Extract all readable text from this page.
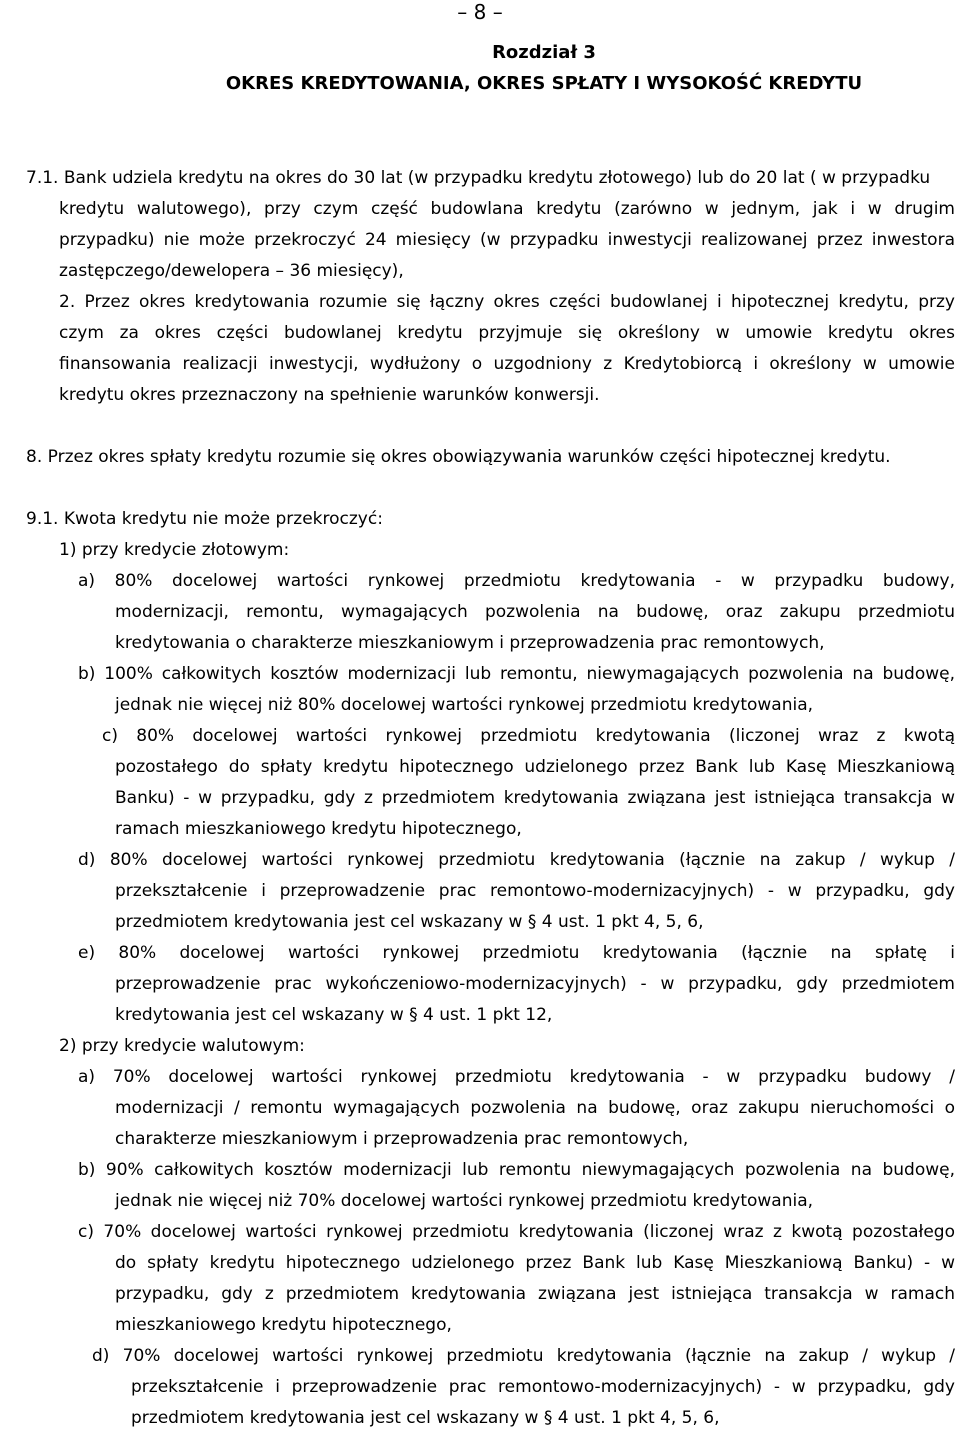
– 8 –
Rozdział 3
OKRES KREDYTOWANIA, OKRES SPŁATY I WYSOKOŚĆ KREDYTU
7.1. Bank udziela kredytu na okres do 30 lat (w przypadku kredytu złotowego) lub do 20 lat ( w przypadku
kredytu walutowego), przy czym część budowlana kredytu (zarówno w jednym, jak i w drugim
przypadku) nie może przekroczyć 24 miesięcy (w przypadku inwestycji realizowanej przez inwestora
zastępczego/dewelopera – 36 miesięcy),
2. Przez okres kredytowania rozumie się łączny okres części budowlanej i hipotecznej kredytu, przy
czym za okres części budowlanej kredytu przyjmuje się określony w umowie kredytu okres
finansowania realizacji inwestycji, wydłużony o uzgodniony z Kredytobiorcą i określony w umowie
kredytu okres przeznaczony na spełnienie warunków konwersji.
8. Przez okres spłaty kredytu rozumie się okres obowiązywania warunków części hipotecznej kredytu.
9.1. Kwota kredytu nie może przekroczyć:
1) przy kredycie złotowym:
a) 80% docelowej wartości rynkowej przedmiotu kredytowania - w przypadku budowy,
modernizacji, remontu, wymagających pozwolenia na budowę, oraz zakupu przedmiotu
kredytowania o charakterze mieszkaniowym i przeprowadzenia prac remontowych,
b) 100% całkowitych kosztów modernizacji lub remontu, niewymagających pozwolenia na budowę,
jednak nie więcej niż 80% docelowej wartości rynkowej przedmiotu kredytowania,
c) 80% docelowej wartości rynkowej przedmiotu kredytowania (liczonej wraz z kwotą
pozostałego do spłaty kredytu hipotecznego udzielonego przez Bank lub Kasę Mieszkaniową
Banku) - w przypadku, gdy z przedmiotem kredytowania związana jest istniejąca transakcja w
ramach mieszkaniowego kredytu hipotecznego,
d) 80% docelowej wartości rynkowej przedmiotu kredytowania (łącznie na zakup / wykup /
przekształcenie i przeprowadzenie prac remontowo-modernizacyjnych) - w przypadku, gdy
przedmiotem kredytowania jest cel wskazany w § 4 ust. 1 pkt 4, 5, 6,
e) 80% docelowej wartości rynkowej przedmiotu kredytowania (łącznie na spłatę i
przeprowadzenie prac wykończeniowo-modernizacyjnych) - w przypadku, gdy przedmiotem
kredytowania jest cel wskazany w § 4 ust. 1 pkt 12,
2) przy kredycie walutowym:
a) 70% docelowej wartości rynkowej przedmiotu kredytowania - w przypadku budowy /
modernizacji / remontu wymagających pozwolenia na budowę, oraz zakupu nieruchomości o
charakterze mieszkaniowym i przeprowadzenia prac remontowych,
b) 90% całkowitych kosztów modernizacji lub remontu niewymagających pozwolenia na budowę,
jednak nie więcej niż 70% docelowej wartości rynkowej przedmiotu kredytowania,
c) 70% docelowej wartości rynkowej przedmiotu kredytowania (liczonej wraz z kwotą pozostałego
do spłaty kredytu hipotecznego udzielonego przez Bank lub Kasę Mieszkaniową Banku) - w
przypadku, gdy z przedmiotem kredytowania związana jest istniejąca transakcja w ramach
mieszkaniowego kredytu hipotecznego,
d) 70% docelowej wartości rynkowej przedmiotu kredytowania (łącznie na zakup / wykup /
przekształcenie i przeprowadzenie prac remontowo-modernizacyjnych) - w przypadku, gdy
przedmiotem kredytowania jest cel wskazany w § 4 ust. 1 pkt 4, 5, 6,
